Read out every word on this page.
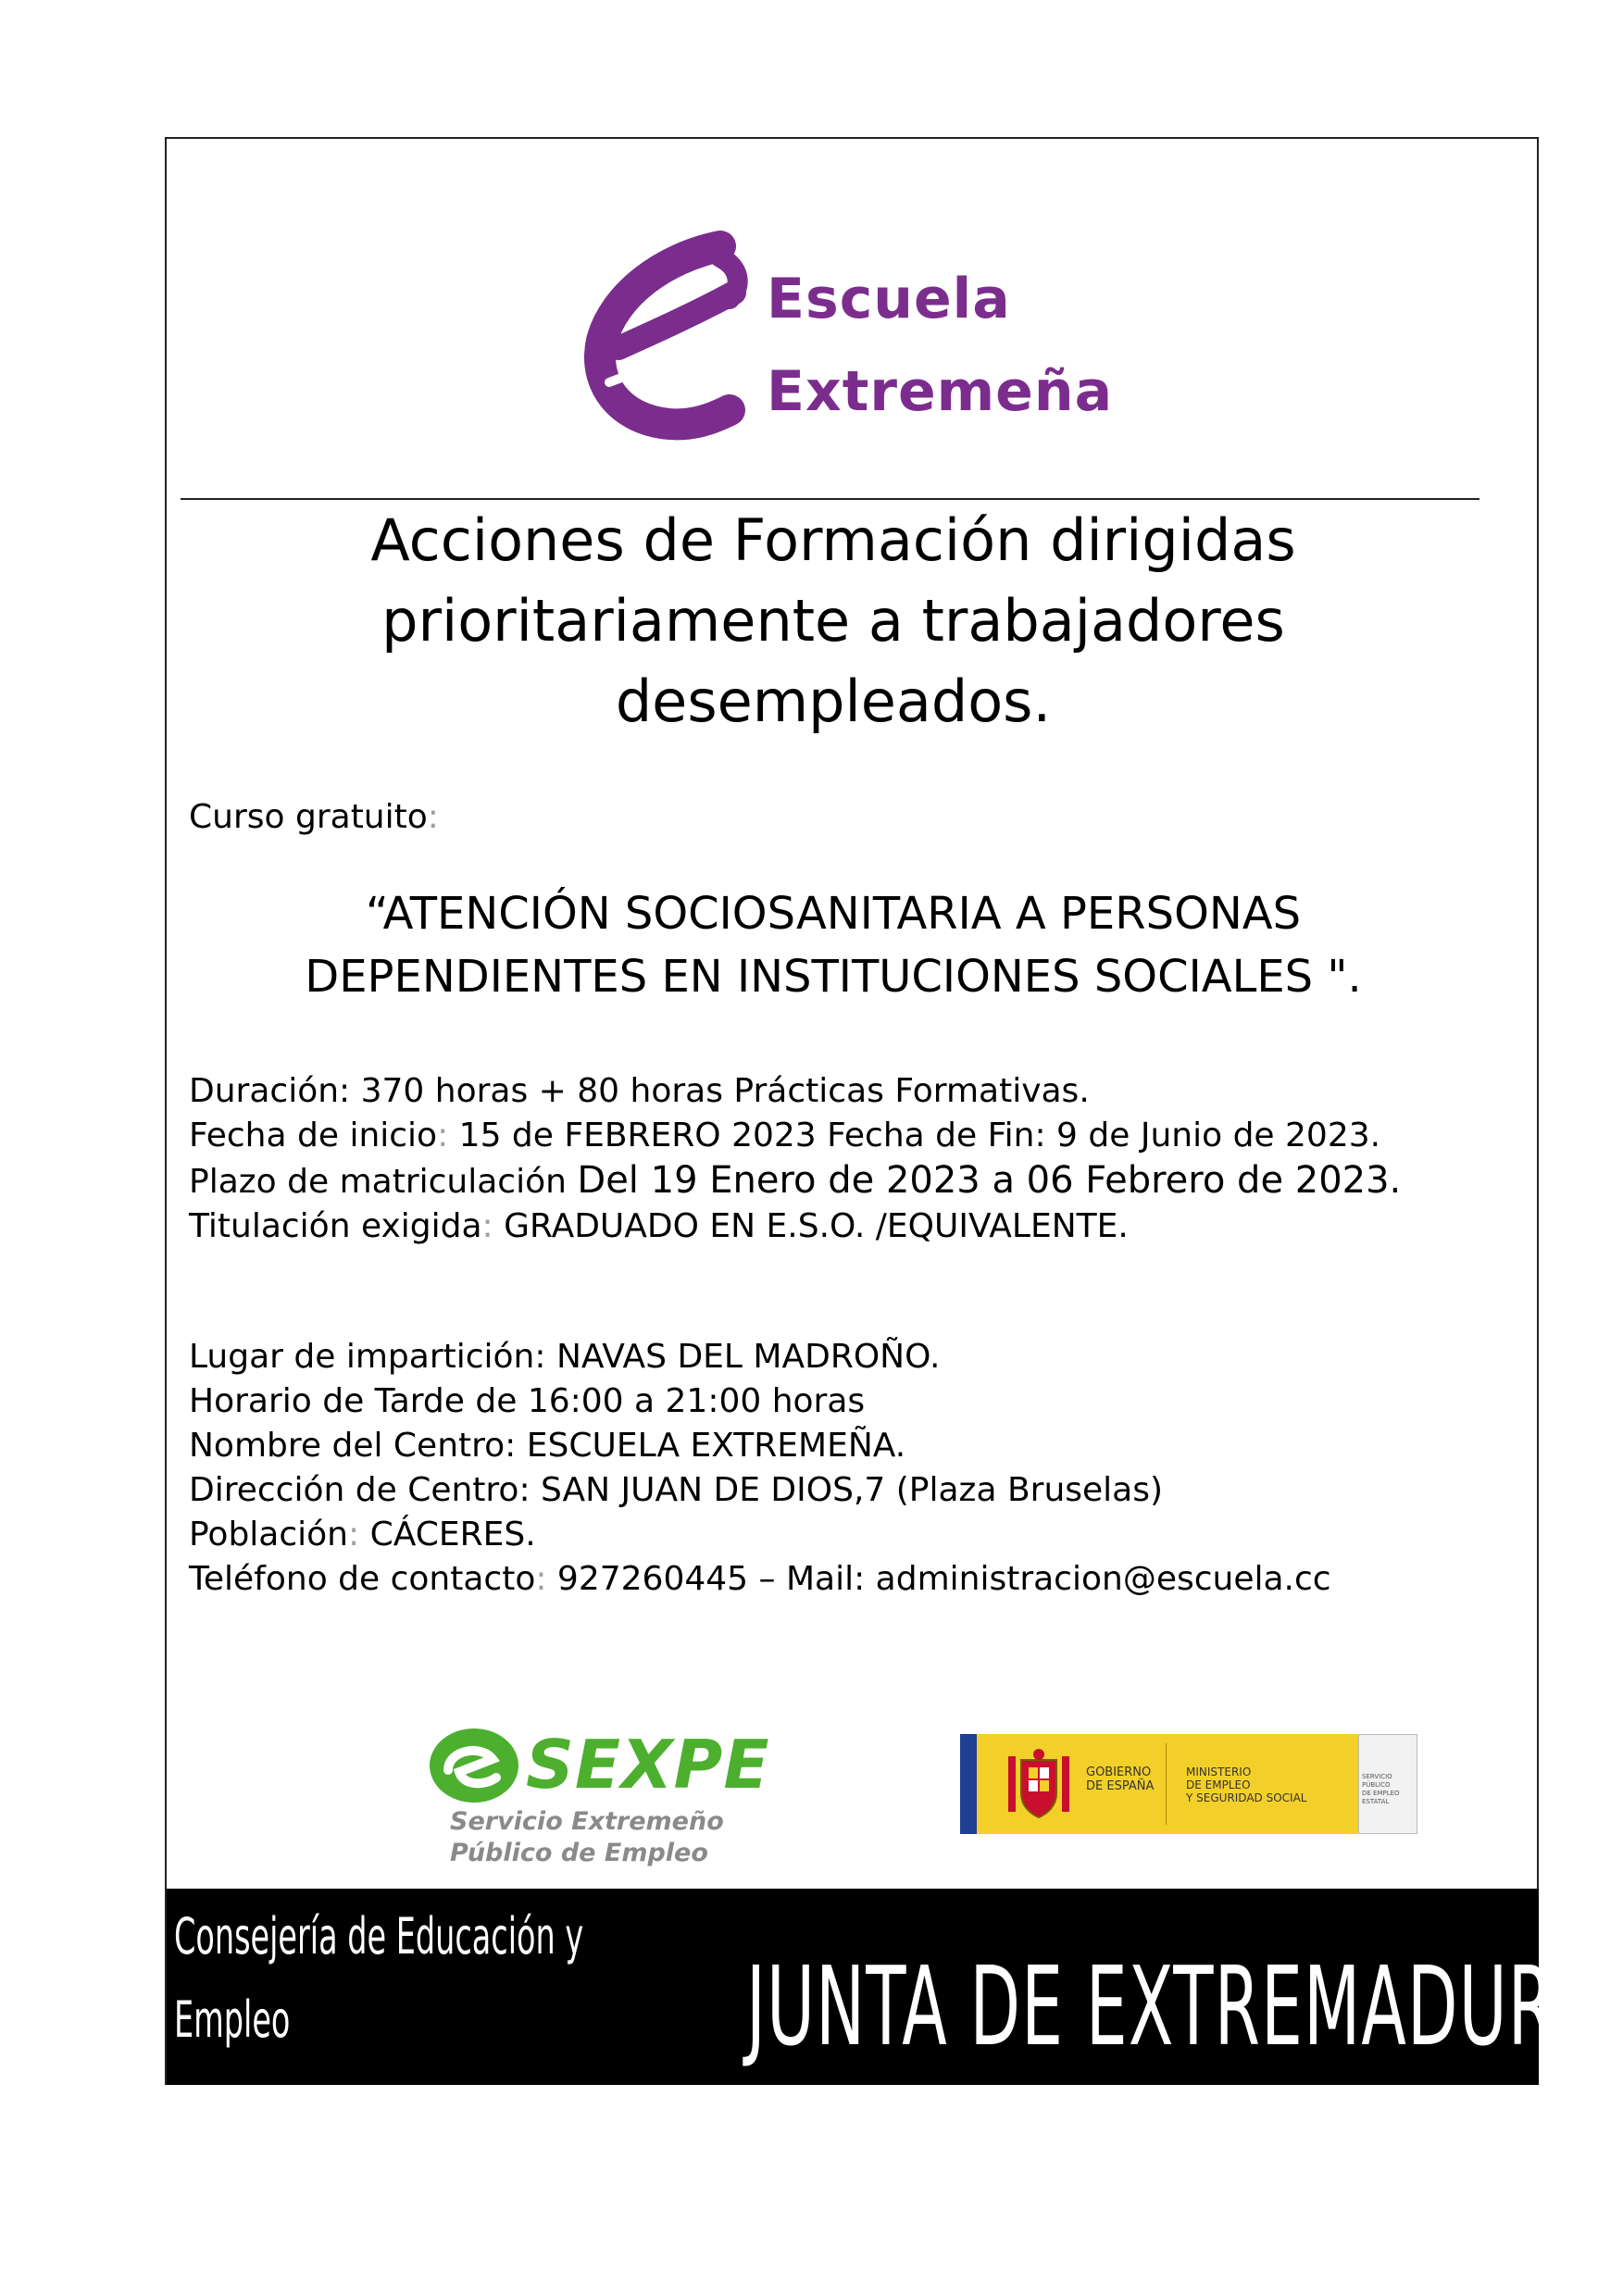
Escuela
Extremeña
Acciones de Formación dirigidas
prioritariamente a trabajadores
desempleados.
Curso gratuito:
“ATENCIÓN SOCIOSANITARIA A PERSONAS
DEPENDIENTES EN INSTITUCIONES SOCIALES ".
Duración: 370 horas + 80 horas Prácticas Formativas.
Fecha de inicio: 15 de FEBRERO 2023 Fecha de Fin: 9 de Junio de 2023.
Plazo de matriculación Del 19 Enero de 2023 a 06 Febrero de 2023.
Titulación exigida: GRADUADO EN E.S.O. /EQUIVALENTE.
Lugar de impartición: NAVAS DEL MADROÑO.
Horario de Tarde de 16:00 a 21:00 horas
Nombre del Centro: ESCUELA EXTREMEÑA.
Dirección de Centro: SAN JUAN DE DIOS,7 (Plaza Bruselas)
Población: CÁCERES.
Teléfono de contacto: 927260445 – Mail: administracion@escuela.cc
SEXPE
Servicio Extremeño
Público de Empleo
GOBIERNO
DE ESPAÑA
MINISTERIO
DE EMPLEO
Y SEGURIDAD SOCIAL
SERVICIO PÚBLICO
DE EMPLEO ESTATAL
Consejería de Educación y
Empleo	JUNTA DE EXTREMADURA
